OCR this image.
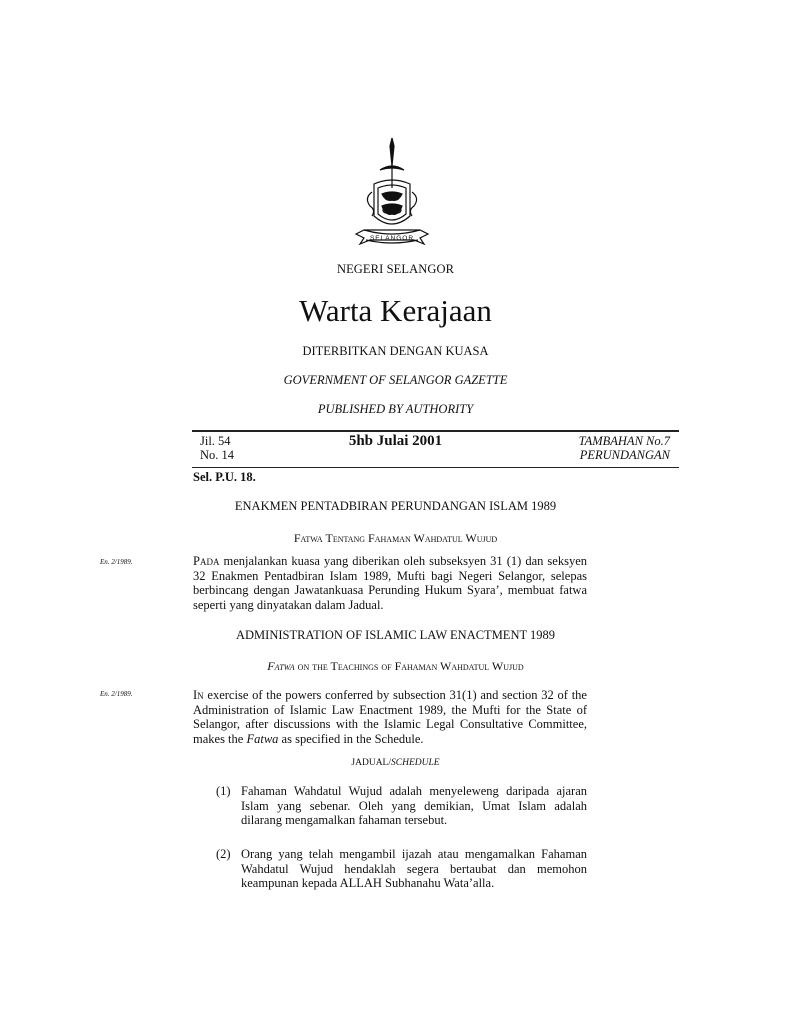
SELANGOR
NEGERI SELANGOR
Warta Kerajaan
DITERBITKAN DENGAN KUASA
GOVERNMENT OF SELANGOR GAZETTE
PUBLISHED BY AUTHORITY
Jil. 54
No. 14
5hb Julai 2001	TAMBAHAN No.7
PERUNDANGAN
Sel. P.U. 18.
ENAKMEN PENTADBIRAN PERUNDANGAN ISLAM 1989
Fatwa Tentang Fahaman Wahdatul Wujud
En. 2/1989.	Pada menjalankan kuasa yang diberikan oleh subseksyen 31 (1) dan seksyen 32 Enakmen Pentadbiran Islam 1989, Mufti bagi Negeri Selangor, selepas berbincang dengan Jawatankuasa Perunding Hukum Syara’, membuat fatwa seperti yang dinyatakan dalam Jadual.
ADMINISTRATION OF ISLAMIC LAW ENACTMENT 1989
Fatwa on the Teachings of Fahaman Wahdatul Wujud
En. 2/1989.	In exercise of the powers conferred by subsection 31(1) and section 32 of the Administration of Islamic Law Enactment 1989, the Mufti for the State of Selangor, after discussions with the Islamic Legal Consultative Committee, makes the Fatwa as specified in the Schedule.
JADUAL/SCHEDULE
(1) Fahaman Wahdatul Wujud adalah menyeleweng daripada ajaran Islam yang sebenar. Oleh yang demikian, Umat Islam adalah dilarang mengamalkan fahaman tersebut.
(2) Orang yang telah mengambil ijazah atau mengamalkan Fahaman Wahdatul Wujud hendaklah segera bertaubat dan memohon keampunan kepada ALLAH Subhanahu Wata’alla.
